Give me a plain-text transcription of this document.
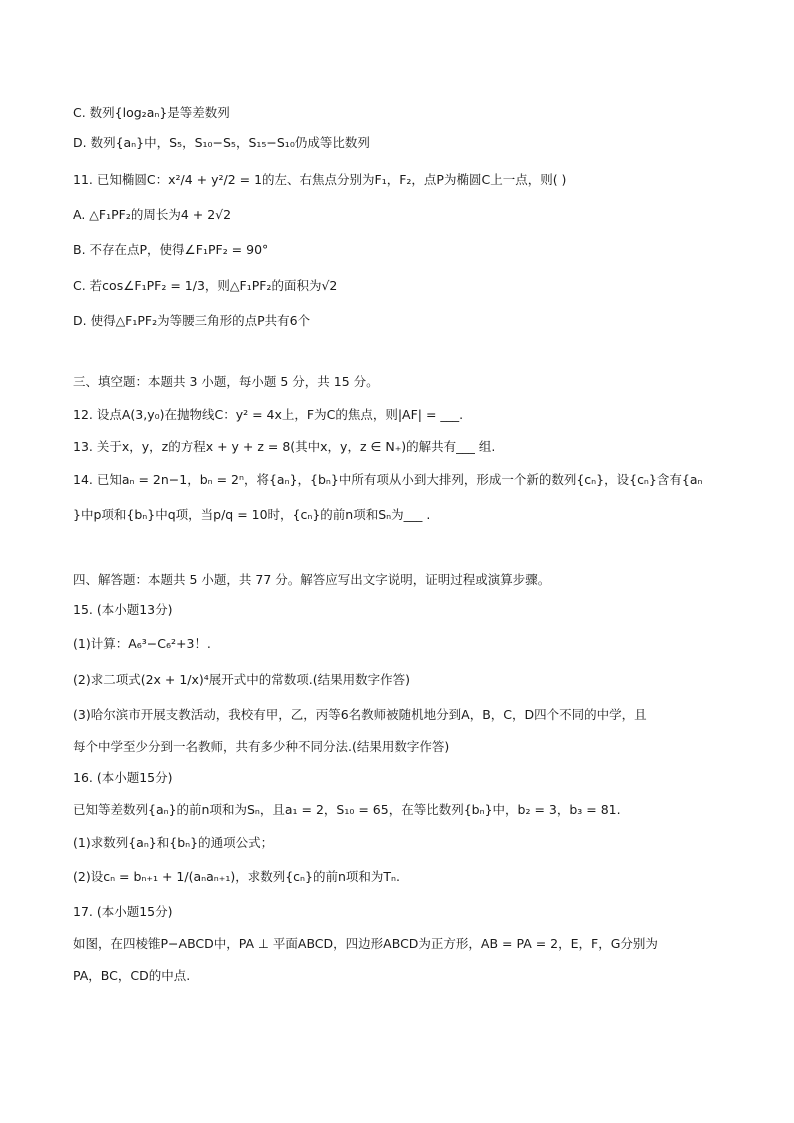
C. 数列{log₂aₙ}是等差数列
D. 数列{aₙ}中，S₅，S₁₀−S₅，S₁₅−S₁₀仍成等比数列
11. 已知椭圆C：x²/4 + y²/2 = 1的左、右焦点分别为F₁，F₂，点P为椭圆C上一点，则( )
A. △F₁PF₂的周长为4 + 2√2
B. 不存在点P，使得∠F₁PF₂ = 90°
C. 若cos∠F₁PF₂ = 1/3，则△F₁PF₂的面积为√2
D. 使得△F₁PF₂为等腰三角形的点P共有6个
三、填空题：本题共 3 小题，每小题 5 分，共 15 分。
12. 设点A(3,y₀)在抛物线C：y² = 4x上，F为C的焦点，则|AF| = ___.
13. 关于x，y，z的方程x + y + z = 8(其中x，y，z ∈ N₊)的解共有___ 组.
14. 已知aₙ = 2n−1，bₙ = 2ⁿ，将{aₙ}，{bₙ}中所有项从小到大排列，形成一个新的数列{cₙ}，设{cₙ}含有{aₙ
}中p项和{bₙ}中q项，当p/q = 10时，{cₙ}的前n项和Sₙ为___ .
四、解答题：本题共 5 小题，共 77 分。解答应写出文字说明，证明过程或演算步骤。
15. (本小题13分)
(1)计算：A₆³−C₆²+3！.
(2)求二项式(2x + 1/x)⁴展开式中的常数项.(结果用数字作答)
(3)哈尔滨市开展支教活动，我校有甲，乙，丙等6名教师被随机地分到A，B，C，D四个不同的中学，且
每个中学至少分到一名教师，共有多少种不同分法.(结果用数字作答)
16. (本小题15分)
已知等差数列{aₙ}的前n项和为Sₙ，且a₁ = 2，S₁₀ = 65，在等比数列{bₙ}中，b₂ = 3，b₃ = 81.
(1)求数列{aₙ}和{bₙ}的通项公式；
(2)设cₙ = bₙ₊₁ + 1/(aₙaₙ₊₁)，求数列{cₙ}的前n项和为Tₙ.
17. (本小题15分)
如图，在四棱锥P−ABCD中，PA ⊥ 平面ABCD，四边形ABCD为正方形，AB = PA = 2，E，F，G分别为
PA，BC，CD的中点.
